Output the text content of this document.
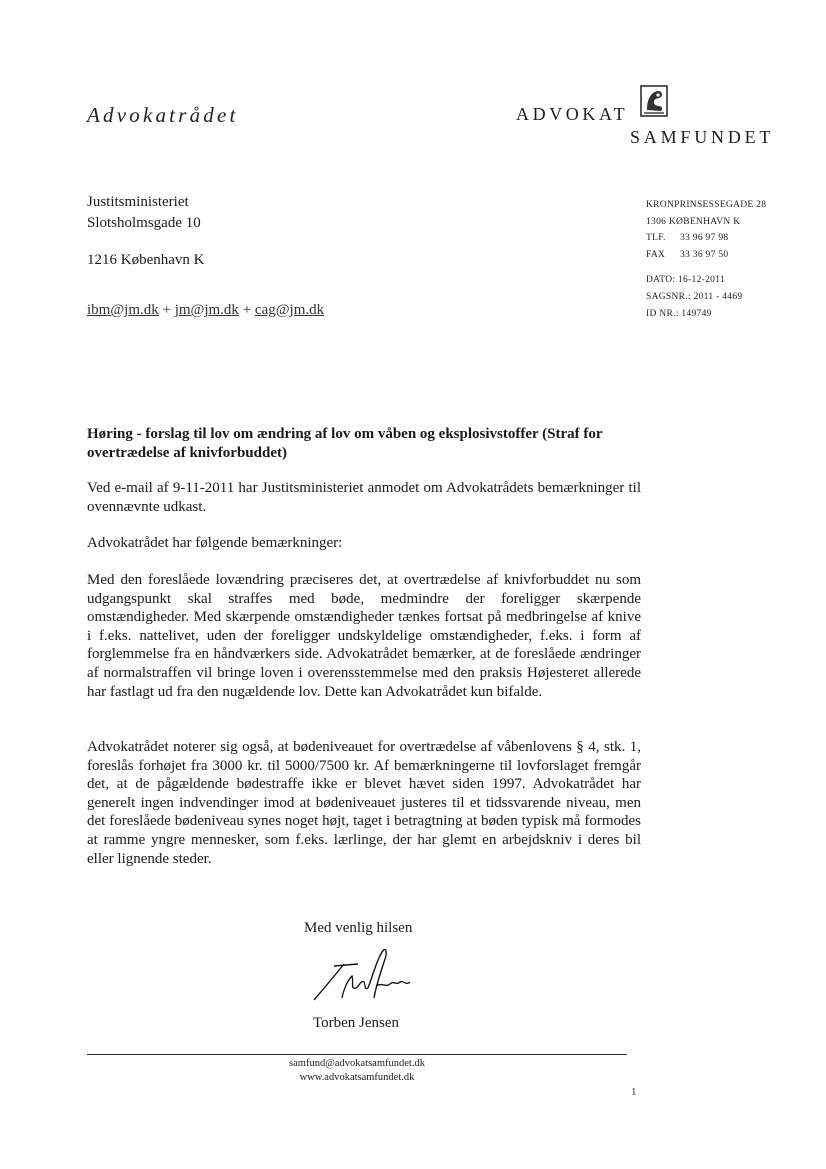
Advokatrådet	ADVOKAT
SAMFUNDET
Justitsministeriet
Slotsholmsgade 10
1216 København K
ibm@jm.dk + jm@jm.dk + cag@jm.dk
KRONPRINSESSEGADE 28
1306 KØBENHAVN K
TLF. 33 96 97 98
FAX 33 36 97 50
DATO: 16-12-2011
SAGSNR.: 2011 - 4469
ID NR.: 149749
Høring - forslag til lov om ændring af lov om våben og eksplosivstoffer (Straf for overtrædelse af knivforbuddet)
Ved e-mail af 9-11-2011 har Justitsministeriet anmodet om Advokatrådets bemærkninger til ovennævnte udkast.
Advokatrådet har følgende bemærkninger:
Med den foreslåede lovændring præciseres det, at overtrædelse af knivforbuddet nu som udgangspunkt skal straffes med bøde, medmindre der foreligger skærpende omstændigheder. Med skærpende omstændigheder tænkes fortsat på medbringelse af knive i f.eks. nattelivet, uden der foreligger undskyldelige omstændigheder, f.eks. i form af forglemmelse fra en håndværkers side. Advokatrådet bemærker, at de foreslåede ændringer af normalstraffen vil bringe loven i overensstemmelse med den praksis Højesteret allerede har fastlagt ud fra den nugældende lov. Dette kan Advokatrådet kun bifalde.
Advokatrådet noterer sig også, at bødeniveauet for overtrædelse af våbenlovens § 4, stk. 1, foreslås forhøjet fra 3000 kr. til 5000/7500 kr. Af bemærkningerne til lovforslaget fremgår det, at de pågældende bødestraffe ikke er blevet hævet siden 1997. Advokatrådet har generelt ingen indvendinger imod at bødeniveauet justeres til et tidssvarende niveau, men det foreslåede bødeniveau synes noget højt, taget i betragtning at bøden typisk må formodes at ramme yngre mennesker, som f.eks. lærlinge, der har glemt en arbejdskniv i deres bil eller lignende steder.
Med venlig hilsen
Torben Jensen
samfund@advokatsamfundet.dk
www.advokatsamfundet.dk
1
